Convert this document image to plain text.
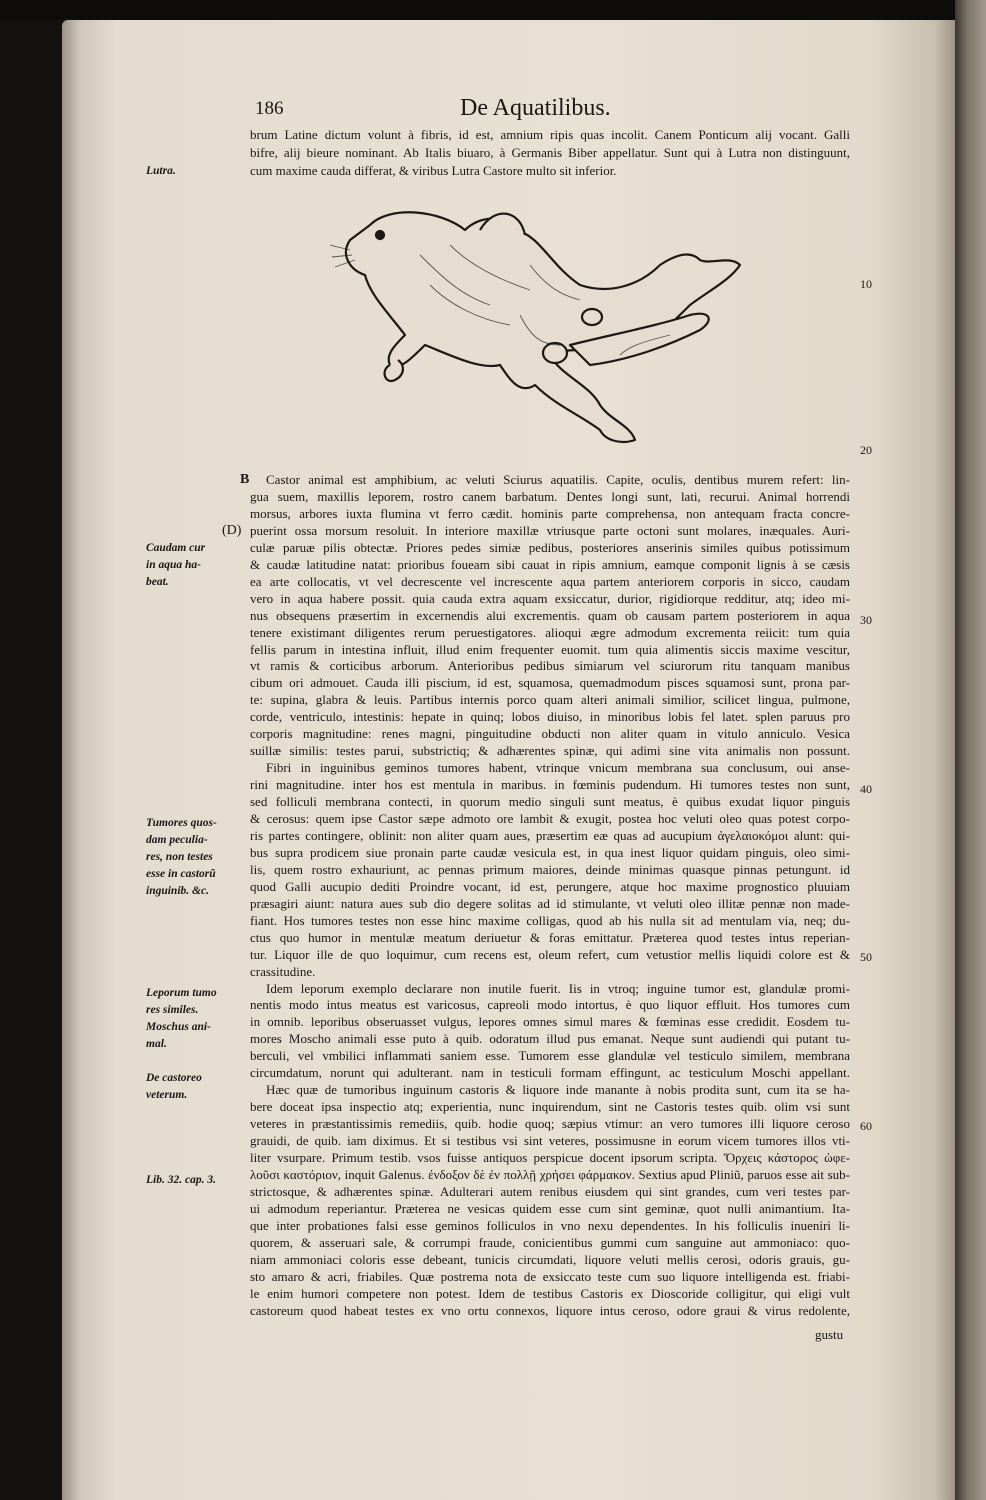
186	De Aquatilibus.
brum Latine dictum volunt à fibris, id est, amnium ripis quas incolit. Canem Ponticum alij vocant. Galli
bifre, alij bieure nominant. Ab Italis biuaro, à Germanis Biber appellatur. Sunt qui à Lutra non distinguunt,
cum maxime cauda differat, & viribus Lutra Castore multo sit inferior.
B
(D)
Castor animal est amphibium, ac veluti Sciurus aquatilis. Capite, oculis, dentibus murem refert: lin-
gua suem, maxillis leporem, rostro canem barbatum. Dentes longi sunt, lati, recurui. Animal horrendi
morsus, arbores iuxta flumina vt ferro cædit. hominis parte comprehensa, non antequam fracta concre-
puerint ossa morsum resoluit. In interiore maxillæ vtriusque parte octoni sunt molares, inæquales. Auri-
culæ paruæ pilis obtectæ. Priores pedes simiæ pedibus, posteriores anserinis similes quibus potissimum
& caudæ latitudine natat: prioribus foueam sibi cauat in ripis amnium, eamque componit lignis à se cæsis
ea arte collocatis, vt vel decrescente vel increscente aqua partem anteriorem corporis in sicco, caudam
vero in aqua habere possit. quia cauda extra aquam exsiccatur, durior, rigidiorque redditur, atq; ideo mi-
nus obsequens præsertim in excernendis alui excrementis. quam ob causam partem posteriorem in aqua
tenere existimant diligentes rerum peruestigatores. alioqui ægre admodum excrementa reiicit: tum quia
fellis parum in intestina influit, illud enim frequenter euomit. tum quia alimentis siccis maxime vescitur,
vt ramis & corticibus arborum. Anterioribus pedibus simiarum vel sciurorum ritu tanquam manibus
cibum ori admouet. Cauda illi piscium, id est, squamosa, quemadmodum pisces squamosi sunt, prona par-
te: supina, glabra & leuis. Partibus internis porco quam alteri animali similior, scilicet lingua, pulmone,
corde, ventriculo, intestinis: hepate in quinq; lobos diuiso, in minoribus lobis fel latet. splen paruus pro
corporis magnitudine: renes magni, pinguitudine obducti non aliter quam in vitulo anniculo. Vesica
suillæ similis: testes parui, substrictiq; & adhærentes spinæ, qui adimi sine vita animalis non possunt.
Fibri in inguinibus geminos tumores habent, vtrinque vnicum membrana sua conclusum, oui anse-
rini magnitudine. inter hos est mentula in maribus. in fœminis pudendum. Hi tumores testes non sunt,
sed folliculi membrana contecti, in quorum medio singuli sunt meatus, è quibus exudat liquor pinguis
& cerosus: quem ipse Castor sæpe admoto ore lambit & exugit, postea hoc veluti oleo quas potest corpo-
ris partes contingere, oblinit: non aliter quam aues, præsertim eæ quas ad aucupium ἀγελαιοκόμοι alunt: qui-
bus supra prodicem siue pronain parte caudæ vesicula est, in qua inest liquor quidam pinguis, oleo simi-
lis, quem rostro exhauriunt, ac pennas primum maiores, deinde minimas quasque pinnas petungunt. id
quod Galli aucupio dediti Proindre vocant, id est, perungere, atque hoc maxime prognostico pluuiam
præsagiri aiunt: natura aues sub dio degere solitas ad id stimulante, vt veluti oleo illitæ pennæ non made-
fiant. Hos tumores testes non esse hinc maxime colligas, quod ab his nulla sit ad mentulam via, neq; du-
ctus quo humor in mentulæ meatum deriuetur & foras emittatur. Præterea quod testes intus reperian-
tur. Liquor ille de quo loquimur, cum recens est, oleum refert, cum vetustior mellis liquidi colore est &
crassitudine.
Idem leporum exemplo declarare non inutile fuerit. Iis in vtroq; inguine tumor est, glandulæ promi-
nentis modo intus meatus est varicosus, capreoli modo intortus, è quo liquor effluit. Hos tumores cum
in omnib. leporibus obseruasset vulgus, lepores omnes simul mares & fœminas esse credidit. Eosdem tu-
mores Moscho animali esse puto à quib. odoratum illud pus emanat. Neque sunt audiendi qui putant tu-
berculi, vel vmbilici inflammati saniem esse. Tumorem esse glandulæ vel testiculo similem, membrana
circumdatum, norunt qui adulterant. nam in testiculi formam effingunt, ac testiculum Moschi appellant.
Hæc quæ de tumoribus inguinum castoris & liquore inde manante à nobis prodita sunt, cum ita se ha-
bere doceat ipsa inspectio atq; experientia, nunc inquirendum, sint ne Castoris testes quib. olim vsi sunt
veteres in præstantissimis remediis, quib. hodie quoq; sæpius vtimur: an vero tumores illi liquore ceroso
grauidi, de quib. iam diximus. Et si testibus vsi sint veteres, possimusne in eorum vicem tumores illos vti-
liter vsurpare. Primum testib. vsos fuisse antiquos perspicue docent ipsorum scripta. Ὄρχεις κάστορος ὠφε-
λοῦσι καστόριον, inquit Galenus. ἐνδοξον δὲ ἐν πολλῇ χρήσει φάρμακον. Sextius apud Pliniũ, paruos esse ait sub-
strictosque, & adhærentes spinæ. Adulterari autem renibus eiusdem qui sint grandes, cum veri testes par-
ui admodum reperiantur. Præterea ne vesicas quidem esse cum sint geminæ, quot nulli animantium. Ita-
que inter probationes falsi esse geminos folliculos in vno nexu dependentes. In his folliculis inueniri li-
quorem, & asseruari sale, & corrumpi fraude, conicientibus gummi cum sanguine aut ammoniaco: quo-
niam ammoniaci coloris esse debeant, tunicis circumdati, liquore veluti mellis cerosi, odoris grauis, gu-
sto amaro & acri, friabiles. Quæ postrema nota de exsiccato teste cum suo liquore intelligenda est. friabi-
le enim humori competere non potest. Idem de testibus Castoris ex Dioscoride colligitur, qui eligi vult
castoreum quod habeat testes ex vno ortu connexos, liquore intus ceroso, odore graui & virus redolente,
Lutra.
Caudam cur
in aqua ha-
beat.
Tumores quos-
dam peculia-
res, non testes
esse in castorũ
inguinib. &c.
Leporum tumo
res similes.
Moschus ani-
mal.
De castoreo
veterum.
Lib. 32. cap. 3.
10
20
30
40
50
60
gustu
